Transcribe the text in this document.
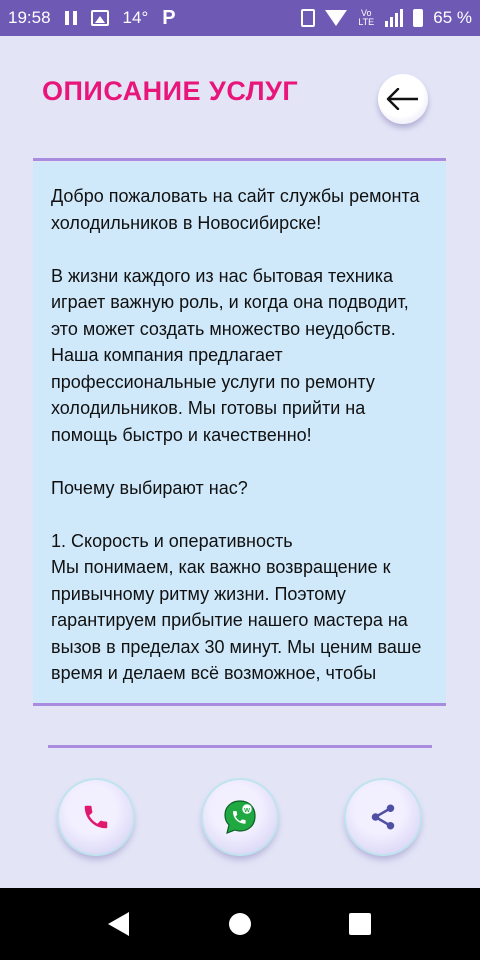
19:58	14° P	Vo LTE	65 %
ОПИСАНИЕ УСЛУГ
Добро пожаловать на сайт службы ремонта холодильников в Новосибирске!

В жизни каждого из нас бытовая техника играет важную роль, и когда она подводит, это может создать множество неудобств. Наша компания предлагает профессиональные услуги по ремонту холодильников. Мы готовы прийти на помощь быстро и качественно!

Почему выбирают нас?

1. Скорость и оперативность
Мы понимаем, как важно возвращение к привычному ритму жизни. Поэтому гарантируем прибытие нашего мастера на вызов в пределах 30 минут. Мы ценим ваше время и делаем всё возможное, чтобы
w
